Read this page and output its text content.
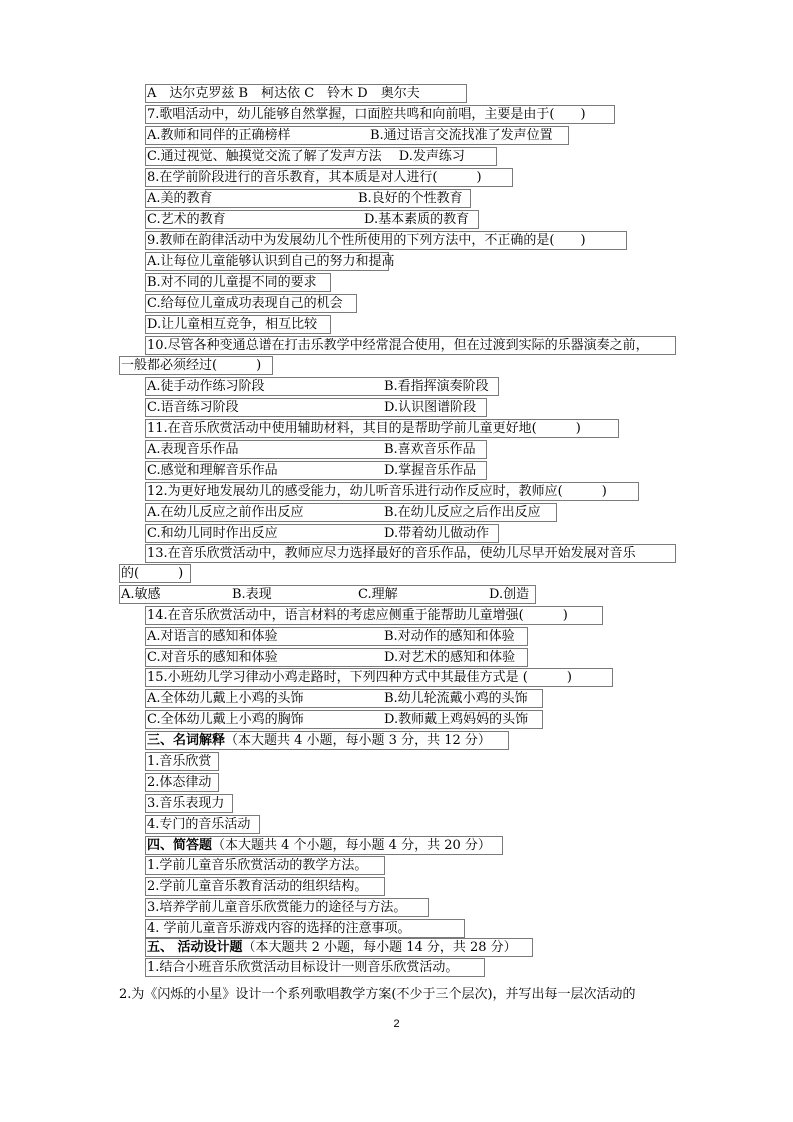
A　达尔克罗兹 B　柯达依 C　铃木 D　奥尔夫
7.歌唱活动中，幼儿能够自然掌握，口面腔共鸣和向前唱，主要是由于(　　)
A.教师和同伴的正确榜样	B.通过语言交流找准了发声位置
C.通过视觉、触摸觉交流了解了发声方法　 D.发声练习
8.在学前阶段进行的音乐教育，其本质是对人进行(　　　)
A.美的教育	B.良好的个性教育
C.艺术的教育	D.基本素质的教育
9.教师在韵律活动中为发展幼儿个性所使用的下列方法中，不正确的是(　　)
A.让每位儿童能够认识到自己的努力和提高
B.对不同的儿童提不同的要求
C.给每位儿童成功表现自己的机会
D.让儿童相互竞争，相互比较
10.尽管各种变通总谱在打击乐教学中经常混合使用，但在过渡到实际的乐器演奏之前，
一般都必须经过(　　　)
A.徒手动作练习阶段	B.看指挥演奏阶段
C.语音练习阶段	D.认识图谱阶段
11.在音乐欣赏活动中使用辅助材料，其目的是帮助学前儿童更好地(　　　)
A.表现音乐作品	B.喜欢音乐作品
C.感觉和理解音乐作品	D.掌握音乐作品
12.为更好地发展幼儿的感受能力，幼儿听音乐进行动作反应时，教师应(　　　)
A.在幼儿反应之前作出反应	B.在幼儿反应之后作出反应
C.和幼儿同时作出反应	D.带着幼儿做动作
13.在音乐欣赏活动中，教师应尽力选择最好的音乐作品，使幼儿尽早开始发展对音乐
的(　　　)
A.敏感	B.表现	C.理解	D.创造
14.在音乐欣赏活动中，语言材料的考虑应侧重于能帮助儿童增强(　　　)
A.对语言的感知和体验	B.对动作的感知和体验
C.对音乐的感知和体验	D.对艺术的感知和体验
15.小班幼儿学习律动小鸡走路时，下列四种方式中其最佳方式是 (　　　)
A.全体幼儿戴上小鸡的头饰	B.幼儿轮流戴小鸡的头饰
C.全体幼儿戴上小鸡的胸饰	D.教师戴上鸡妈妈的头饰
三、名词解释（本大题共 4 小题，每小题 3 分，共 12 分）
1.音乐欣赏
2.体态律动
3.音乐表现力
4.专门的音乐活动
四、简答题（本大题共 4 个小题，每小题 4 分，共 20 分）
1.学前儿童音乐欣赏活动的教学方法。
2.学前儿童音乐教育活动的组织结构。
3.培养学前儿童音乐欣赏能力的途径与方法。
4. 学前儿童音乐游戏内容的选择的注意事项。
五、 活动设计题（本大题共 2 小题，每小题 14 分，共 28 分）
1.结合小班音乐欣赏活动目标设计一则音乐欣赏活动。
2.为《闪烁的小星》设计一个系列歌唱教学方案(不少于三个层次)，并写出每一层次活动的
2
